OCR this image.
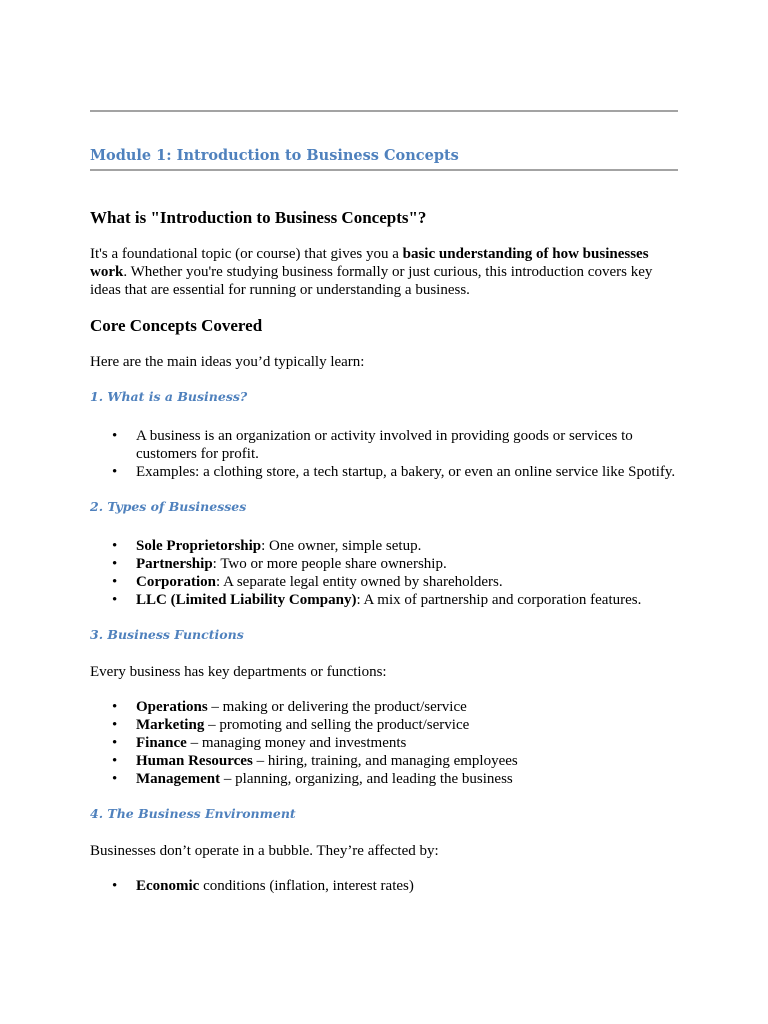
Module 1: Introduction to Business Concepts
What is "Introduction to Business Concepts"?

It's a foundational topic (or course) that gives you a basic understanding of how businesses work. Whether you're studying business formally or just curious, this introduction covers key ideas that are essential for running or understanding a business.

Core Concepts Covered

Here are the main ideas you’d typically learn:

1. What is a Business?
• A business is an organization or activity involved in providing goods or services to customers for profit.
• Examples: a clothing store, a tech startup, a bakery, or even an online service like Spotify.
2. Types of Businesses
• Sole Proprietorship: One owner, simple setup.
• Partnership: Two or more people share ownership.
• Corporation: A separate legal entity owned by shareholders.
• LLC (Limited Liability Company): A mix of partnership and corporation features.
3. Business Functions

Every business has key departments or functions:

• Operations – making or delivering the product/service
• Marketing – promoting and selling the product/service
• Finance – managing money and investments
• Human Resources – hiring, training, and managing employees
• Management – planning, organizing, and leading the business
4. The Business Environment

Businesses don’t operate in a bubble. They’re affected by:

• Economic conditions (inflation, interest rates)
